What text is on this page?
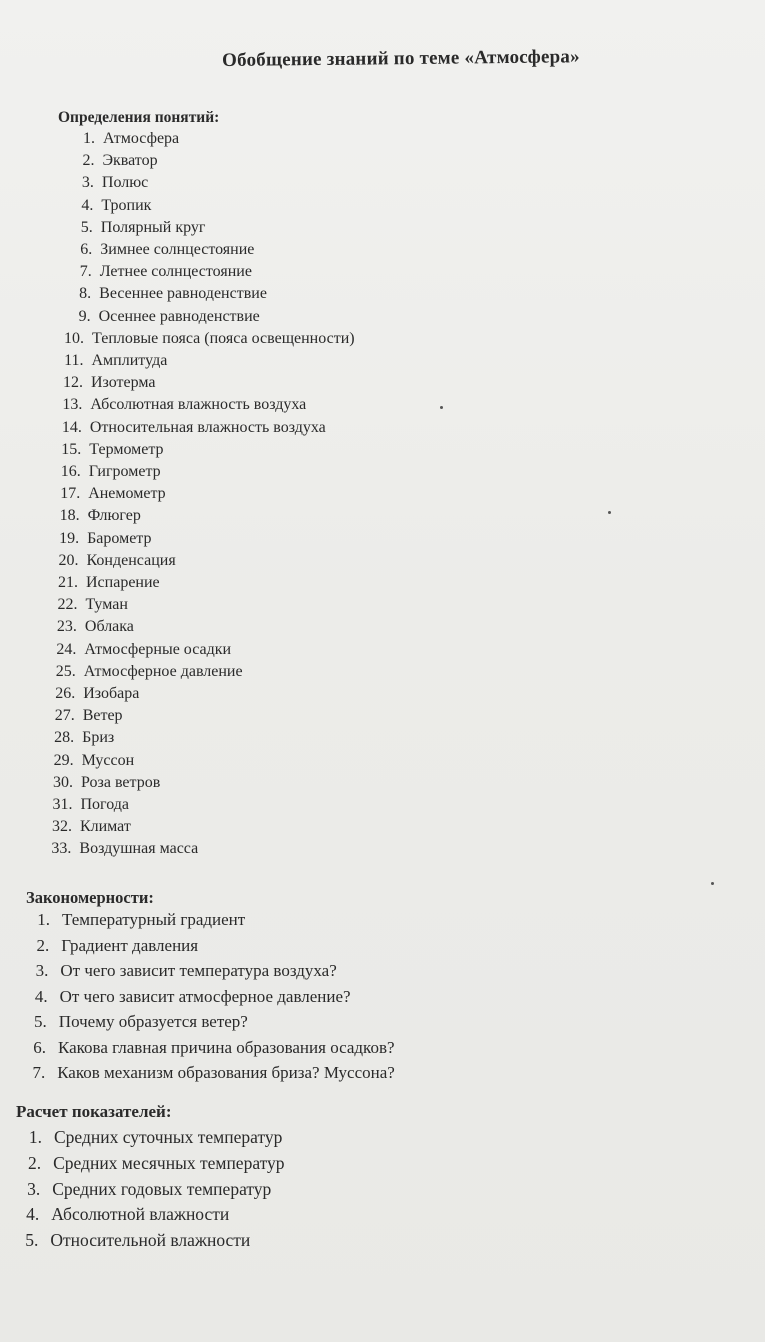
Обобщение знаний по теме «Атмосфера»
Определения понятий:
1. Атмосфера
2. Экватор
3. Полюс
4. Тропик
5. Полярный круг
6. Зимнее солнцестояние
7. Летнее солнцестояние
8. Весеннее равноденствие
9. Осеннее равноденствие
10. Тепловые пояса (пояса освещенности)
11. Амплитуда
12. Изотерма
13. Абсолютная влажность воздуха
14. Относительная влажность воздуха
15. Термометр
16. Гигрометр
17. Анемометр
18. Флюгер
19. Барометр
20. Конденсация
21. Испарение
22. Туман
23. Облака
24. Атмосферные осадки
25. Атмосферное давление
26. Изобара
27. Ветер
28. Бриз
29. Муссон
30. Роза ветров
31. Погода
32. Климат
33. Воздушная масса
Закономерности:
1. Температурный градиент
2. Градиент давления
3. От чего зависит температура воздуха?
4. От чего зависит атмосферное давление?
5. Почему образуется ветер?
6. Какова главная причина образования осадков?
7. Каков механизм образования бриза? Муссона?
Расчет показателей:
1. Средних суточных температур
2. Средних месячных температур
3. Средних годовых температур
4. Абсолютной влажности
5. Относительной влажности
